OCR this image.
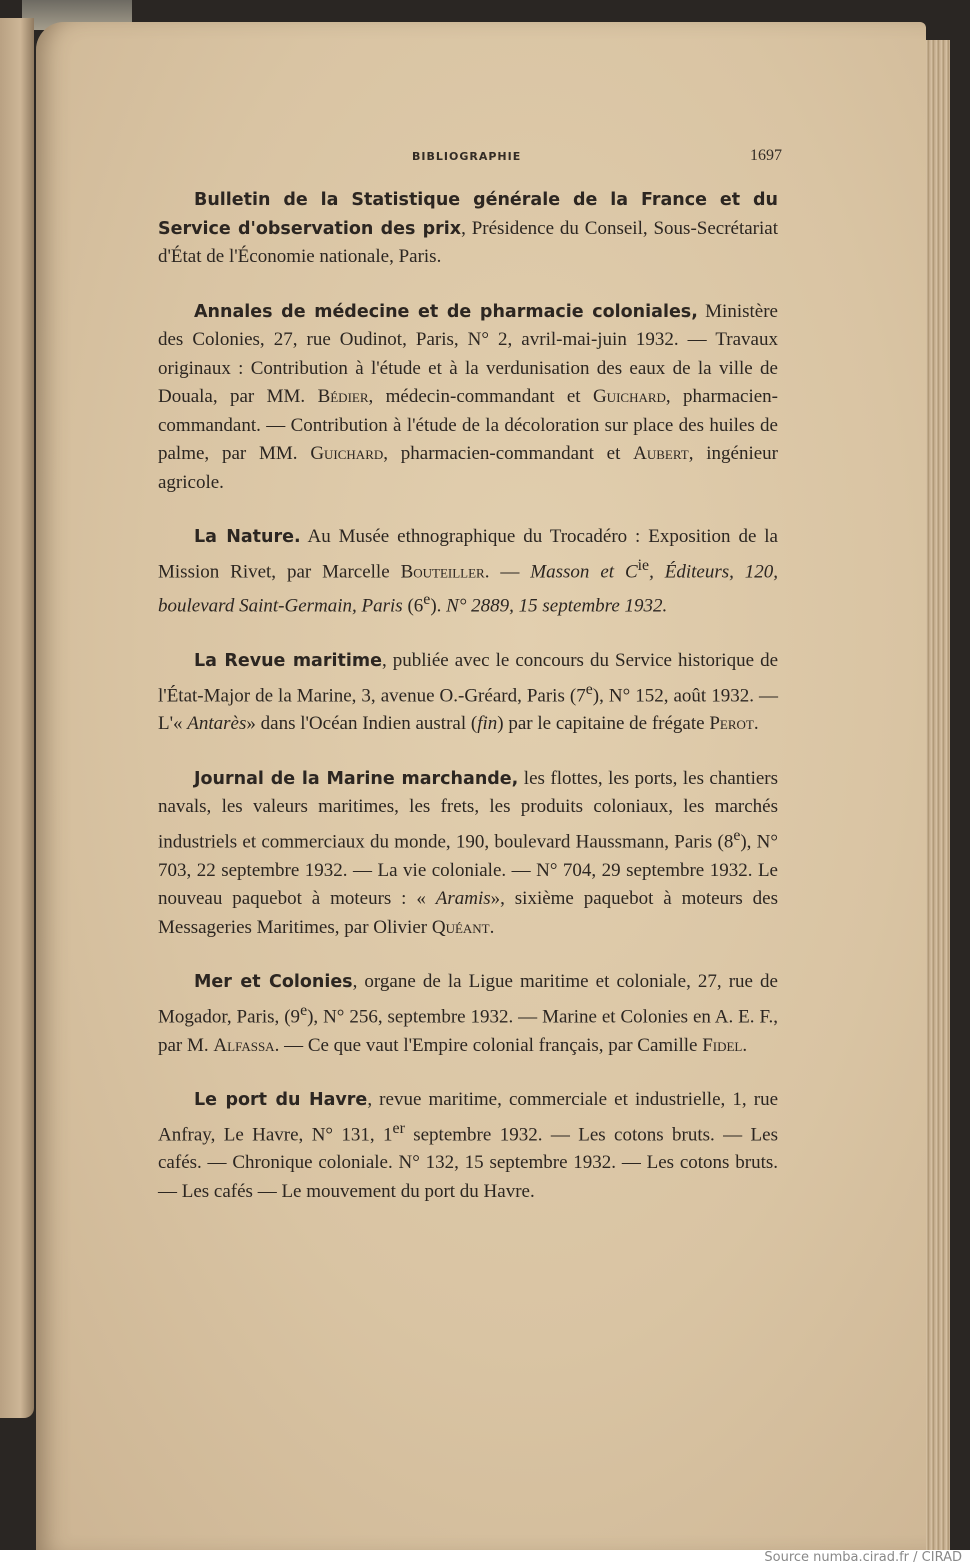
BIBLIOGRAPHIE	1697

Bulletin de la Statistique générale de la France et du Service d'observation des prix, Présidence du Conseil, Sous-Secrétariat d'État de l'Économie nationale, Paris.

Annales de médecine et de pharmacie coloniales, Ministère des Colonies, 27, rue Oudinot, Paris, N° 2, avril-mai-juin 1932. — Travaux originaux : Contribution à l'étude et à la verdunisation des eaux de la ville de Douala, par MM. Bédier, médecin-commandant et Guichard, pharmacien-commandant. — Contribution à l'étude de la décoloration sur place des huiles de palme, par MM. Guichard, pharmacien-commandant et Aubert, ingénieur agricole.

La Nature. Au Musée ethnographique du Trocadéro : Exposition de la Mission Rivet, par Marcelle Bouteiller. — Masson et $C^{ie}$, Éditeurs, 120, boulevard Saint-Germain, Paris (6e). N° 2889, 15 septembre 1932.

La Revue maritime, publiée avec le concours du Service historique de l'État-Major de la Marine, 3, avenue O.-Gréard, Paris (7e), N° 152, août 1932. — L'« Antarès» dans l'Océan Indien austral (fin) par le capitaine de frégate Perot.

Journal de la Marine marchande, les flottes, les ports, les chantiers navals, les valeurs maritimes, les frets, les produits coloniaux, les marchés industriels et commerciaux du monde, 190, boulevard Haussmann, Paris (8e), N° 703, 22 septembre 1932. — La vie coloniale. — N° 704, 29 septembre 1932. Le nouveau paquebot à moteurs : « Aramis», sixième paquebot à moteurs des Messageries Maritimes, par Olivier Quéant.

Mer et Colonies, organe de la Ligue maritime et coloniale, 27, rue de Mogador, Paris, (9e), N° 256, septembre 1932. — Marine et Colonies en A. E. F., par M. Alfassa. — Ce que vaut l'Empire colonial français, par Camille Fidel.

Le port du Havre, revue maritime, commerciale et industrielle, 1, rue Anfray, Le Havre, N° 131, 1er septembre 1932. — Les cotons bruts. — Les cafés. — Chronique coloniale. N° 132, 15 septembre 1932. — Les cotons bruts. — Les cafés — Le mouvement du port du Havre.

Source numba.cirad.fr / CIRAD
